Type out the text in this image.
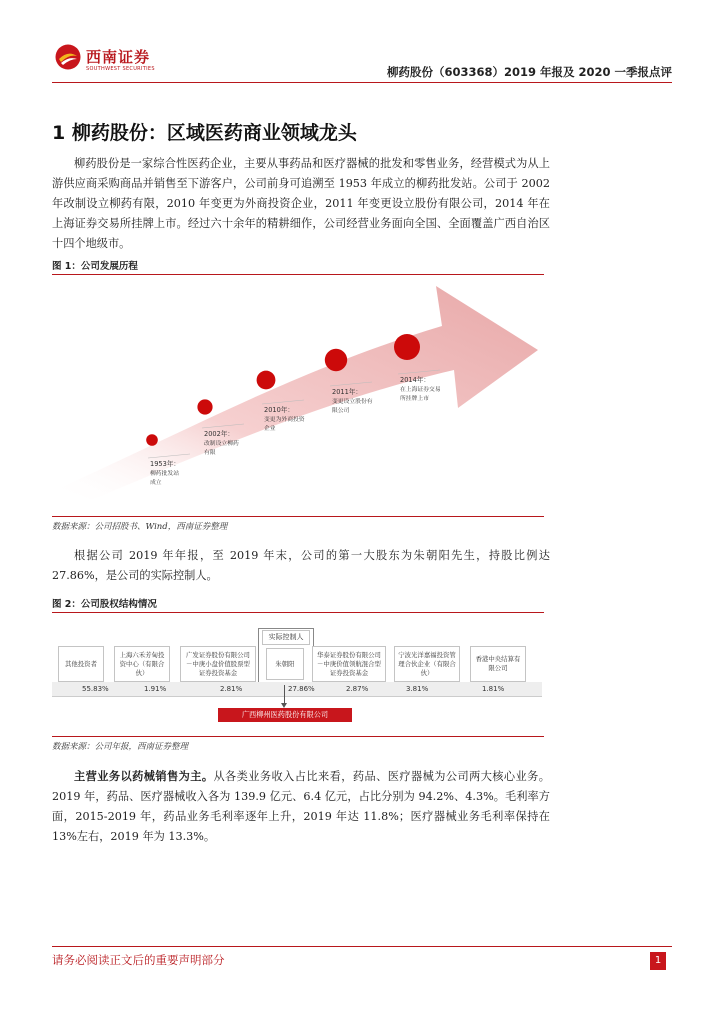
西南证券
SOUTHWEST SECURITIES	柳药股份（603368）2019 年报及 2020 一季报点评
1 柳药股份：区域医药商业领域龙头
柳药股份是一家综合性医药企业，主要从事药品和医疗器械的批发和零售业务，经营模式为从上游供应商采购商品并销售至下游客户，公司前身可追溯至 1953 年成立的柳药批发站。公司于 2002 年改制设立柳药有限，2010 年变更为外商投资企业，2011 年变更设立股份有限公司，2014 年在上海证券交易所挂牌上市。经过六十余年的精耕细作，公司经营业务面向全国、全面覆盖广西自治区十四个地级市。
图 1：公司发展历程
1953年：
柳药批发站
成立
2002年：
改制设立柳药
有限
2010年：
变更为外商投资
企业
2011年：
变更设立股份有
限公司
2014年：
在上海证券交易
所挂牌上市
数据来源：公司招股书、Wind，西南证券整理
根据公司 2019 年年报，至 2019 年末，公司的第一大股东为朱朝阳先生，持股比例达 27.86%，是公司的实际控制人。
图 2：公司股权结构情况
实际控制人
其他投资者
上海六禾芳甸投资中心（有限合伙）
广发证券股份有限公司－中庚小盘价值股票型证券投资基金
朱朝阳
华泰证券股份有限公司－中庚价值领航混合型证券投资基金
宁波光洋嘉福投资管理合伙企业（有限合伙）
香港中央结算有限公司
55.83%	1.91%	2.81%	27.86%	2.87%	3.81%	1.81%
广西柳州医药股份有限公司
数据来源：公司年报，西南证券整理
主营业务以药械销售为主。从各类业务收入占比来看，药品、医疗器械为公司两大核心业务。2019 年，药品、医疗器械收入各为 139.9 亿元、6.4 亿元，占比分别为 94.2%、4.3%。毛利率方面，2015-2019 年，药品业务毛利率逐年上升，2019 年达 11.8%；医疗器械业务毛利率保持在 13%左右，2019 年为 13.3%。
请务必阅读正文后的重要声明部分	1
